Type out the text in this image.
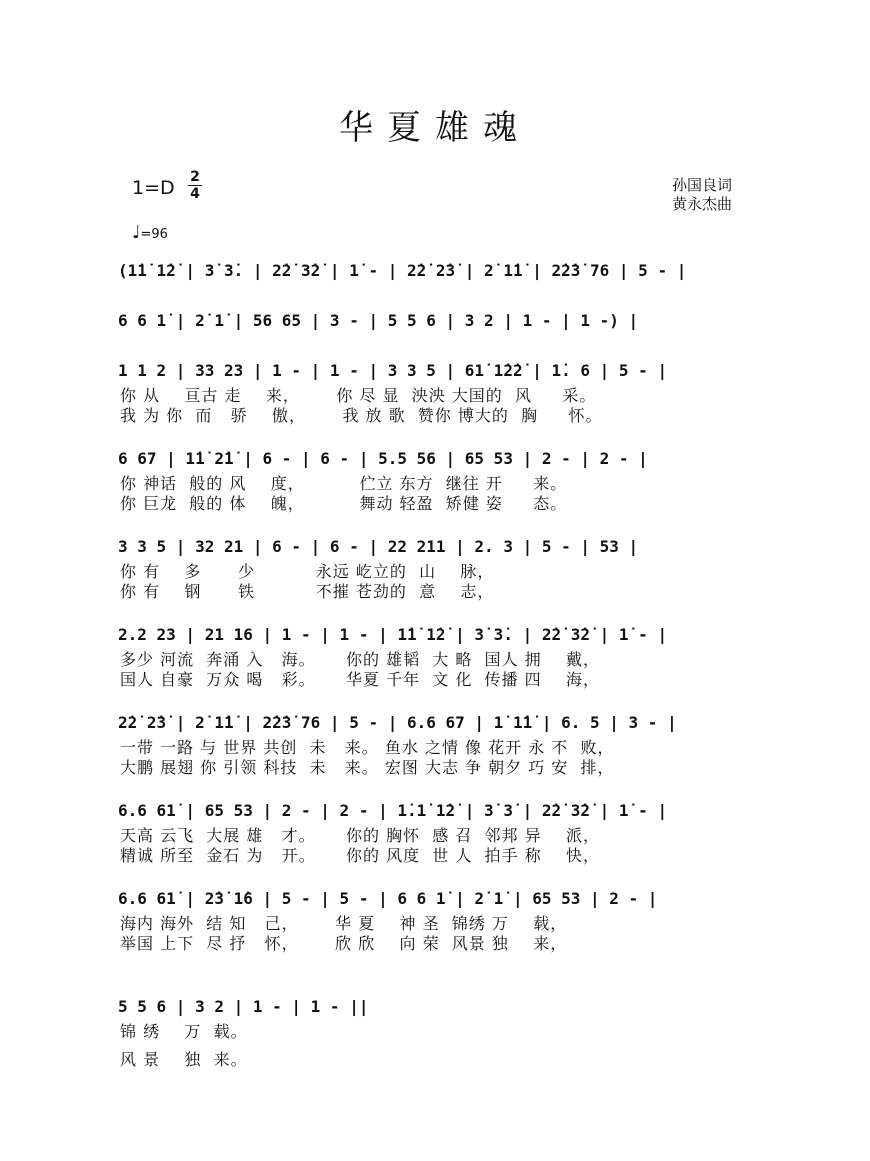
华夏雄魂
1=D 2
4	孙国良词
黄永杰曲
♩=96
(1̇1̇ 1̇2̇ | 3̇ 3̇. | 2̇2̇ 3̇2̇ | 1̇ - | 2̇2̇ 2̇3̇ | 2̇ 1̇1̇ | 2̇2̇3̇ 76 | 5 - |
6 6 1̇ | 2̇ 1̇ | 56 65 | 3 - | 5 5 6 | 3 2 | 1 - | 1 -) |
1 1 2 | 33 23 | 1 - | 1 - | 3 3 5 | 61̇ 1̇2̇2̇ | 1̇. 6 | 5 - |
你 从    亘古 走    来，      你 尽 显  泱泱 大国的  风     采。
我 为 你  而   骄    傲，      我 放 歌  赞你 博大的  胸     怀。
6 67 | 1̇1̇ 2̇1̇ | 6 - | 6 - | 5.5 56 | 65 53 | 2 - | 2 - |
你 神话  般的 风    度，         伫立 东方  继往 开     来。
你 巨龙  般的 体    魄，         舞动 轻盈  矫健 姿     态。
3 3 5 | 32 21 | 6 - | 6 - | 22 211 | 2. 3 | 5 - | 53 |
你 有    多      少          永远 屹立的  山    脉，
你 有    钢      铁          不摧 苍劲的  意    志，
2.2 23 | 21 16 | 1 - | 1 - | 1̇1̇ 1̇2̇ | 3̇ 3̇. | 2̇2̇ 3̇2̇ | 1̇ - |
多少 河流  奔涌 入   海。     你的 雄韬  大 略  国人 拥    戴，
国人 自豪  万众 喝   彩。     华夏 千年  文 化  传播 四    海，
2̇2̇ 2̇3̇ | 2̇ 1̇1̇ | 2̇2̇3̇ 76 | 5 - | 6.6 67 | 1̇ 1̇1̇ | 6. 5 | 3 - |
一带 一路 与 世界 共创  未   来。 鱼水 之情 像 花开 永 不  败，
大鹏 展翅 你 引领 科技  未   来。 宏图 大志 争 朝夕 巧 安  排，
6.6 61̇ | 65 53 | 2 - | 2 - | 1̇.1̇ 1̇2̇ | 3̇ 3̇ | 2̇2̇ 3̇2̇ | 1̇ - |
天高 云飞  大展 雄   才。     你的 胸怀  感 召  邻邦 异    派，
精诚 所至  金石 为   开。     你的 风度  世 人  拍手 称    快，
6.6 61̇ | 2̇3̇ 1̇6 | 5 - | 5 - | 6 6 1̇ | 2̇ 1̇ | 65 53 | 2 - |
海内 海外  结 知   己，      华 夏    神 圣  锦绣 万    载，
举国 上下  尽 抒   怀，      欣 欣    向 荣  风景 独    来，
5 5 6 | 3 2 | 1 - | 1 - ||
锦 绣    万  载。
风 景    独  来。
